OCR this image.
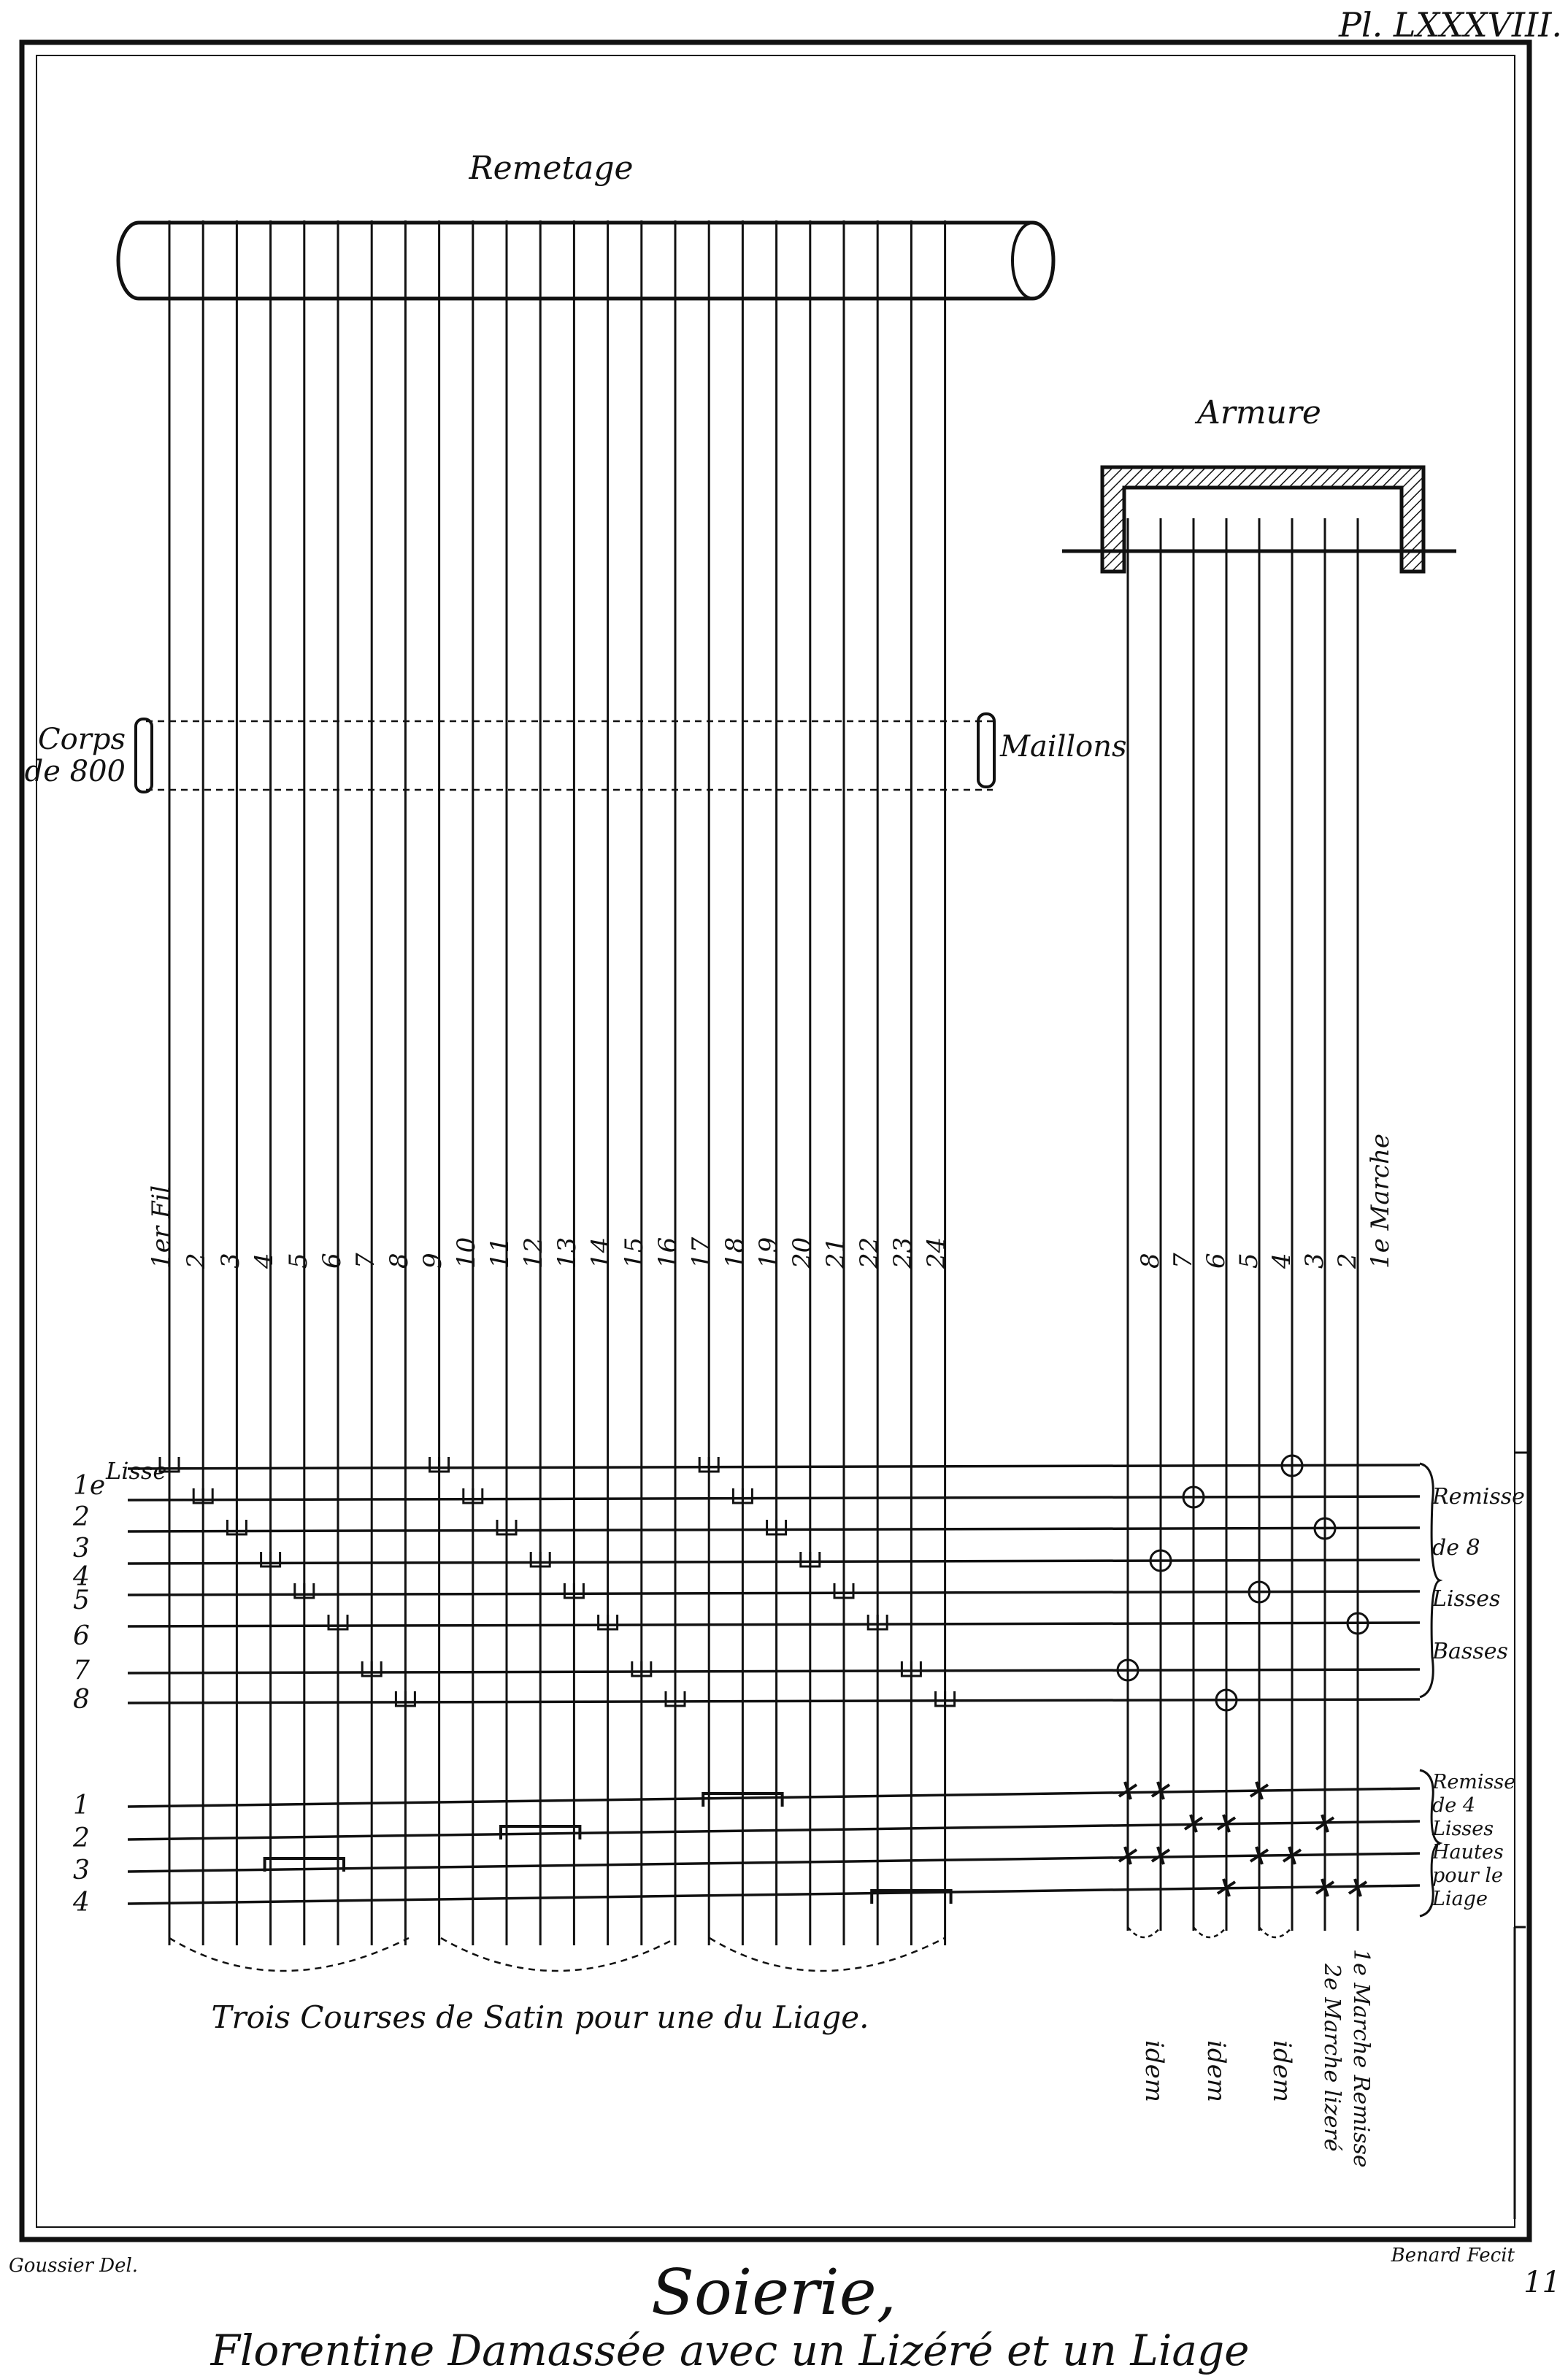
Pl. LXXXVIII.
Remetage
Armure
Corps
de 800
Maillons
1er Fil 2 3 4 5 6 7 8 9 10 11 12 13 14 15 16 17 18 19 20 21 22 23 24	1e Marche
2
3
4
5
6
7
8
Lisse
1e
2
3
4
5
6
7
8
1
2
3
4
Remisse
de 8
Lisses
Basses
Remisse
de 4
Lisses
Hautes
pour le
Liage
Trois Courses de Satin pour une du Liage.
idem idem idem 2e Marche lizeré 1e Marche Remisse
Goussier Del.	Benard Fecit
Soierie,	11
Florentine Damassée avec un Lizéré et un Liage
